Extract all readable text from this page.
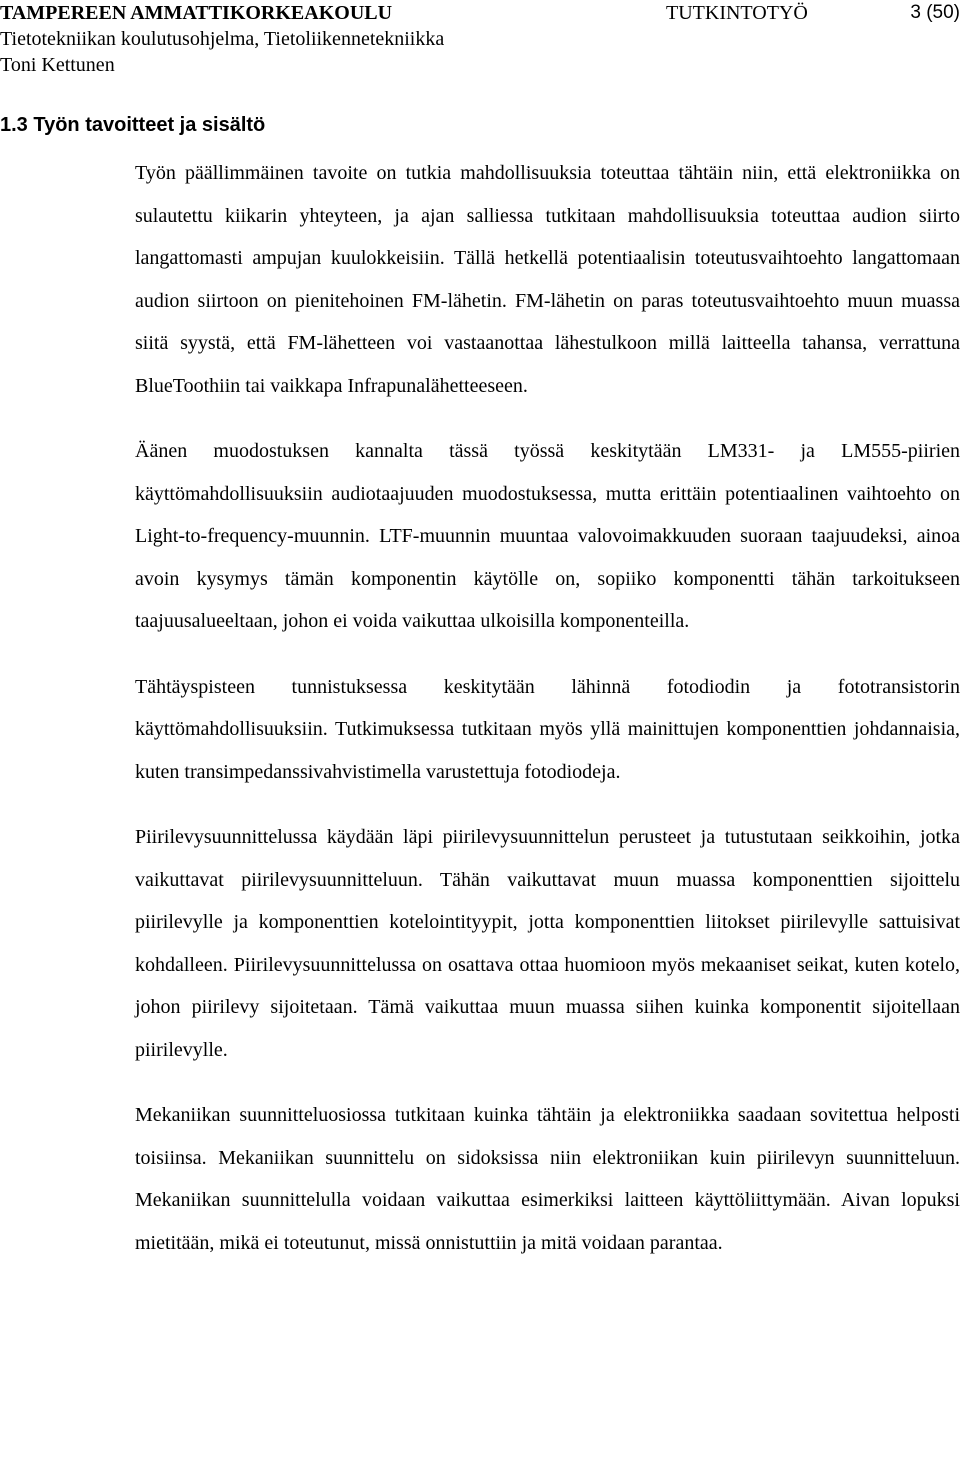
TAMPEREEN AMMATTIKORKEAKOULU	TUTKINTOTYÖ	3 (50)
Tietotekniikan koulutusohjelma, Tietoliikennetekniikka
Toni Kettunen
1.3 Työn tavoitteet ja sisältö

Työn päällimmäinen tavoite on tutkia mahdollisuuksia toteuttaa tähtäin niin, että elektroniikka on sulautettu kiikarin yhteyteen, ja ajan salliessa tutkitaan mahdollisuuksia toteuttaa audion siirto langattomasti ampujan kuulokkeisiin. Tällä hetkellä potentiaalisin toteutusvaihtoehto langattomaan audion siirtoon on pienitehoinen FM-lähetin. FM-lähetin on paras toteutusvaihtoehto muun muassa siitä syystä, että FM-lähetteen voi vastaanottaa lähestulkoon millä laitteella tahansa, verrattuna BlueToothiin tai vaikkapa Infrapunalähetteeseen.

Äänen muodostuksen kannalta tässä työssä keskitytään LM331- ja LM555-piirien käyttömahdollisuuksiin audiotaajuuden muodostuksessa, mutta erittäin potentiaalinen vaihtoehto on Light-to-frequency-muunnin. LTF-muunnin muuntaa valovoimakkuuden suoraan taajuudeksi, ainoa avoin kysymys tämän komponentin käytölle on, sopiiko komponentti tähän tarkoitukseen taajuusalueeltaan, johon ei voida vaikuttaa ulkoisilla komponenteilla.

Tähtäyspisteen tunnistuksessa keskitytään lähinnä fotodiodin ja fototransistorin käyttömahdollisuuksiin. Tutkimuksessa tutkitaan myös yllä mainittujen komponenttien johdannaisia, kuten transimpedanssivahvistimella varustettuja fotodiodeja.

Piirilevysuunnittelussa käydään läpi piirilevysuunnittelun perusteet ja tutustutaan seikkoihin, jotka vaikuttavat piirilevysuunnitteluun. Tähän vaikuttavat muun muassa komponenttien sijoittelu piirilevylle ja komponenttien kotelointityypit, jotta komponenttien liitokset piirilevylle sattuisivat kohdalleen. Piirilevysuunnittelussa on osattava ottaa huomioon myös mekaaniset seikat, kuten kotelo, johon piirilevy sijoitetaan. Tämä vaikuttaa muun muassa siihen kuinka komponentit sijoitellaan piirilevylle.

Mekaniikan suunnitteluosiossa tutkitaan kuinka tähtäin ja elektroniikka saadaan sovitettua helposti toisiinsa. Mekaniikan suunnittelu on sidoksissa niin elektroniikan kuin piirilevyn suunnitteluun. Mekaniikan suunnittelulla voidaan vaikuttaa esimerkiksi laitteen käyttöliittymään. Aivan lopuksi mietitään, mikä ei toteutunut, missä onnistuttiin ja mitä voidaan parantaa.
